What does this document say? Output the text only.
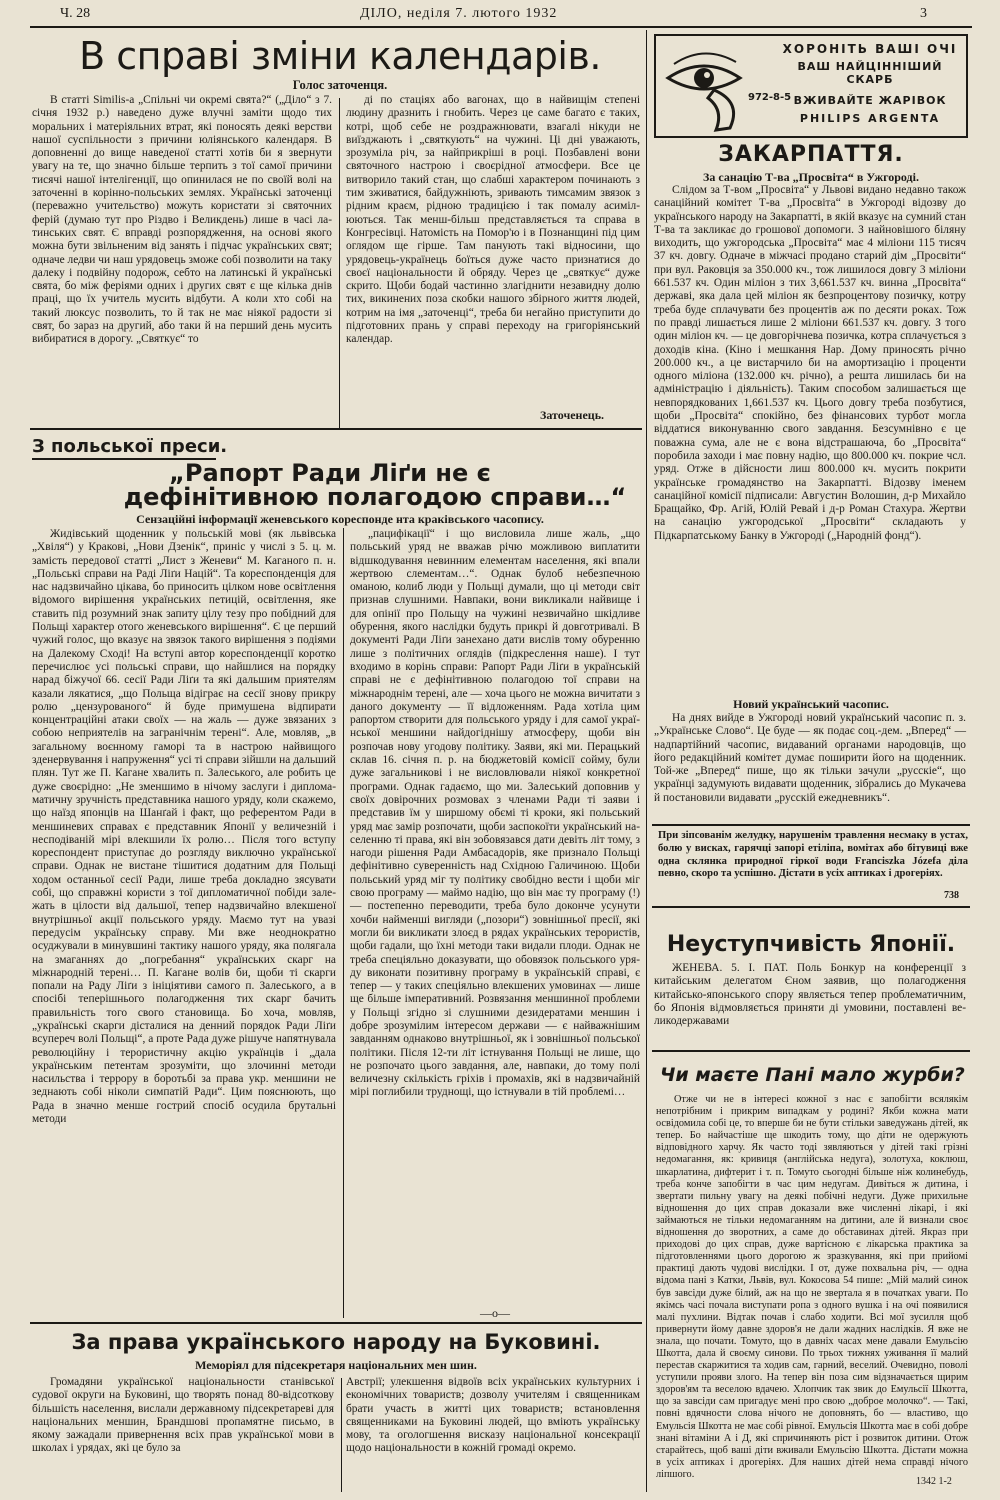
Ч. 28	ДІЛО, неділя 7. лютого 1932	3
В справі зміни календарів.
Голос заточенця.
В статті Similis-а „Спільні чи окремі свята?“ („Діло“ з 7. січня 1932 р.) наведено дуже влучні заміти щодо тих моральних і матеріяльних втрат, які поносять деякі верстви нашої суспільности з причини юліянського календаря. В доповненні до вище наведеної статті хотів би я звернути увагу на те, що значно більше терпить з тої самої причини тисячі нашої інтелігенції, що опинилася не по своїй волі на заточенні в корінно-польських землях. Українські заточенці (переважно учительство) можуть користати зі святочних ферій (думаю тут про Різдво і Великдень) лише в часі латинських свят. Є вправді розпорядження, на основі якого можна бути звільненим від занять і підчас українських свят; одначе ледви чи наш урядовець зможе собі позволити на таку далеку і подвійну подорож, себто на латинські й українські свята, бо між феріями одних і других свят є ще кілька днів праці, що їх учитель мусить відбути. А коли хто собі на такий люксус позволить, то й так не має ніякої радости зі свят, бо зараз на другий, або таки й на перший день мусить вибиратися в дорогу. „Святкує“ то
ді по стаціях або вагонах, що в найвищім степені людину дразнить і гнобить. Через це саме багато є таких, котрі, щоб себе не роздражнювати, взагалі нікуди не виїзджають і „святкують“ на чужині. Ці дні уважають, зрозуміла річ, за найприкріші в році. Позбавлені вони святочного настрою і своєрідної атмосфери. Все це витворило такий стан, що слабші характером починають з тим зживатися, байдужніють, зривають тимсамим звязок з рідним краєм, рідною традицією і так помалу асимілюються. Так менш-більш представляється та справа в Конгресівці. Натомість на Помор'ю і в Познанщині під цим оглядом ще гірше. Там панують такі відносини, що урядовець-українець боїться дуже часто признатися до своєї національности й обряду. Через це „святкує“ дуже скрито. Щоби бодай частинно злагіднити незавидну долю тих, викинених поза скобки нашого збірного життя людей, котрим на імя „заточенці“, треба би негайно приступити до підготовних прань у справі переходу на григоріянський календар.
Заточенець.
З польської преси.
„Рапорт Ради Ліґи не є
дефінітивною полагодою справи…“
Сензаційні інформації женевського кореспонде нта краківського часопису.
Жидівський щоденник у польській мові (як львівська „Хвіля“) у Кракові, „Нови Дзенік“, приніс у числі з 5. ц. м. замість передової статті „Лист з Женеви“ М. Каганого п. н. „Польські справи на Раді Ліґи Націй“. Та кореспонденція для нас надзвичайно цікава, бо приносить цілком нове освітлення відомого вирішення українських петицій, освітлення, яке ставить під розумний знак запиту цілу тезу про побідний для Польщі характер отого женевського вирішення“. Є це перший чужий голос, що вказує на звязок такого вирішення з подіями на Далекому Сході! На вступі автор кореспонденції коротко перечислює усі польські справи, що найшлися на порядку нарад біжучої 66. сесії Ради Ліґи та які дальшим приятелям казали лякатися, „що Польща відіграє на сесії знову прикру ролю „цензурованого“ й буде примушена відпирати концентраційні атаки своїх — на жаль — дуже звязаних з собою неприятелів на загранічнім терені“. Але, мовляв, „в загальному воєнному гаморі та в настрою найвищого зденервування і напруження“ усі ті справи зійшли на дальший плян. Тут же П. Кагане хвалить п. Залеського, але робить це дуже своєрідно: „Не зменшимо в нічому заслуги і дипломаматичну зручність представника нашого уряду, коли скажемо, що наїзд японців на Шанґай і факт, що референтом Ради в меншиневих справах є представник Японії у величезній і несподіваній мірі влекшили їх ролю… Після того вступу кореспондент приступає до розгляду виключно української справи. Однак не вистане тішитися додатним для Польщі ходом останньої сесії Ради, лише треба докладно зясувати собі, що справжні користи з тої дипломатичної побіди залежать в цілости від дальшої, тепер надзвичайно влекшеної внутрішньої акції польського уряду. Маємо тут на увазі передусім українську справу. Ми вже неоднократно осуджували в минувшині тактику нашого уряду, яка полягала на змаганнях до „погребання“ українських скарг на міжнародній терені… П. Кагане волів би, щоби ті скарги попали на Раду Ліґи з ініціятиви самого п. Залеського, а в спосібі теперішнього полагодження тих скарг бачить правильність того свого становища. Бо хоча, мовляв, „українські скарги дісталися на денний порядок Ради Ліґи всупереч волі Польщі“, а проте Рада дуже рішуче напятнувала революційну і терористичну акцію українців і „дала українським петентам зрозуміти, що злочинні методи насильства і террору в боротьбі за права укр. меншини не зеднають собі ніколи симпатій Ради“. Цим пояснюють, що Рада в значно менше гострий спосіб осудила брутальні методи
„пацифікації“ і що висловила лише жаль, „що польський уряд не вважав річю можливою виплатити відшкодування невинним елементам населення, які впали жертвою слементам…“. Однак булоб небезпечною оманою, колиб люди у Польщі думали, що ці методи світ признав слушними. Навпаки, вони викликали найвище і для опінії про Польщу на чужині незвичайно шкідливе обурення, якого наслідки будуть прикрі й довготривалі. В документі Ради Ліґи занехано дати вислів тому обуренню лише з політичних оглядів (підкреслення наше). І тут входимо в корінь справи: Рапорт Ради Ліґи в українській справі не є дефінітивною полагодою тої справи на міжнароднім терені, але — хоча цього не можна вичитати з даного документу — її відложенням. Рада хотіла цим рапортом створити для польського уряду і для самої української меншини найдогіднішу атмосферу, щоби він розпочав нову угодову політику. Заяви, які ми. Перацький склав 16. січня п. р. на бюджетовій комісії сойму, були дуже загальникові і не висловлювали ніякої конкретної програми. Однак гадаємо, що ми. Залеський доповнив у своїх довірочних розмовах з членами Ради ті заяви і представив їм у ширшому обємі ті кроки, які польський уряд має замір розпочати, щоби заспокоїти український населенню ті права, які він зобовязався дати девіть літ тому, з нагоди рішення Ради Амбасадорів, яке признало Польщі дефінітивно суверенність над Східною Галичиною. Щоби польський уряд міг ту політику свобідно вести і щоби міг свою програму — маймо надію, що він має ту програму (!) — постепенно переводити, треба було доконче усунути хочби найменші вигляди („позори“) зовнішньої пресії, які могли би викликати злоєд в рядах українських терористів, щоби гадали, що їхні методи таки видали плоди. Однак не треба спеціяльно доказувати, що обовязок польського уряду виконати позитивну програму в українській справі, є тепер — у таких спеціяльно влекшених умовинах — лише ще більше імперативний. Розвязання меншинної проблеми у Польщі згідно зі слушними дезидератами меншин і добре зрозумілим інтересом держави — є найважнішим завданням однаково внутрішньої, як і зовнішньої польської політики. Після 12-ти літ істнування Польщі не лише, що не розпочато цього завдання, але, навпаки, до тому полі величезну скількість гріхів і промахів, які в надзвичайній мірі поглибили труднощі, що істнували в тій проблемі…
—o—
За права українського народу на Буковині.
Меморіял для підсекретаря національних мен шин.
Громадяни української національности станівської судової округи на Буковині, що творять понад 80-відсоткову більшість населення, вислали державному підсекретареві для національних меншин, Брандшові пропамятне письмо, в якому зажадали привернення всіх прав української мови в школах і урядах, які це було за
Австрії; улекшення відвоїв всіх українських культурних і економічних товариств; дозволу учителям і священникам брати участь в житті цих товариств; встановлення священниками на Буковині людей, що вміють українську мову, та огологшення висказу національної консекрації щодо національности в кожній громаді окремо.
ХОРОНІТЬ ВАШІ ОЧІ
ВАШ НАЙЦІННІШИЙ СКАРБ
972-8-5 ВЖИВАЙТЕ ЖАРІВОК
PHILIPS ARGENTA
ЗАКАРПАТТЯ.
За санацію Т-ва „Просвіта“ в Ужгороді.
Слідом за Т-вом „Просвіта“ у Львові видано недавно також санаційний комітет Т-ва „Просвіта“ в Ужгороді відозву до українського народу на Закарпатті, в якій вказує на сумний стан Т-ва та закликає до грошової допомоги. З найновішого біляну виходить, що ужгородська „Просвіта“ має 4 міліони 115 тисяч 37 кч. довгу. Одначе в міжчасі продано старий дім „Просвіти“ при вул. Раковція за 350.000 кч., тож лишилося довгу 3 міліони 661.537 кч. Один міліон з тих 3,661.537 кч. винна „Просвіта“ державі, яка дала цей міліон як безпроцентову позичку, котру треба буде сплачувати без процентів аж по десяти роках. Тож по правді лишається лише 2 міліони 661.537 кч. довгу. З того один міліон кч. — це довгорічнева позичка, котра сплачується з доходів кіна. (Кіно і мешкання Нар. Дому приносять річно 200.000 кч., а це вистарчило би на амортизацію і проценти одного міліона (132.000 кч. річно), а решта лишилась би на адміністрацію і діяльність). Таким способом залишається ще невпорядкованих 1,661.537 кч. Цього довгу треба позбутися, щоби „Просвіта“ спокійно, без фінансових турбот могла віддатися виконуванню свого завдання. Безсумнівно є це поважна сума, але не є вона відстрашаюча, бо „Просвіта“ поробила заходи і має повну надію, що 800.000 кч. покрие чсл. уряд. Отже в дійсности лиш 800.000 кч. мусить покрити українське громадянство на Закарпатті. Відозву іменем санаційної комісії підписали: Августин Волошин, д-р Михайло Бращайко, Фр. Агій, Юлій Ревай і д-р Роман Стахура. Жертви на санацію ужгородської „Просвіти“ складають у Підкарпатському Банку в Ужгороді („Народній фонд“).
Новий український часопис.
На днях вийде в Ужгороді новий український часопис п. з. „Українське Слово“. Це буде — як подає соц.-дем. „Вперед“ — надпартійний часопис, видаваний органами народовців, що його редакційний комітет думає поширити його на щоденник. Той-же „Вперед“ пише, що як тільки зачули „русскіе“, що українці задумують видавати щоденник, зібрались до Мукачева й постановили видавати „русскій ежедневникъ“.
При зіпсованім желудку, нарушенім травлення несмаку в устах, болю у висках, гарячці запорі етіліпа, вомітах або бітувиці вже одна склянка природної гіркої води Franciszka Józefa діла певно, скоро та успішно. Дістати в усіх аптиках і дрогеріях.
738
Неуступчивість Японії.
ЖЕНЕВА. 5. І. ПАТ. Поль Бонкур на конференції з китайським делегатом Єном заявив, що полагодження китайсько-японського спору являється тепер проблематичним, бо Японія відмовляється приняти ді умовини, поставлені великодержавами
Чи маєте Пані мало журби?
Отже чи не в інтересі кожної з нас є запобігти всялякім непотрібним і прикрим випадкам у родині? Якби кожна мати освідомила собі це, то вперше би не бути стільки заведужань дітей, як тепер. Бо найчастіше ще шкодить тому, що діти не одержують відповідного харчу. Як часто тоді зявляються у дітей такі грізні недомагання, як: кривиця (англійська недуга), золотуха, коклюш, шкарлатина, дифтерит і т. п. Томуто сьогодні більше ніж колинебудь, треба конче запобігти в час цим недугам. Дивіться ж дитина, і звертати пильну увагу на деякі побічні недуги. Дуже прихильне відношення до цих справ доказали вже численні лікарі, і які займаються не тільки недомаганням на дитини, але й визнали своє відношення до зворотних, а саме до обставинах дітей. Якраз при приходові до цих справ, дуже вартісною є лікарська практика за підготовленнями цього дорогою ж зразкування, які при прийомі практиці дають чудові вислідки. І от, дуже похвальна річ, — одна відома пані з Катки, Львів, вул. Кокосова 54 пише: „Мій малий синок був завсіди дуже білий, аж на що не звертала я в початках уваги. По якімсь часі почала виступати ропа з одного вушка і на очі появилися малі пухлини. Відтак почав і слабо ходити. Всі мої зусилля щоб привернути йому давне здоров'я не дали жадних наслідків. Я вже не знала, що почати. Томуто, що в давніх часах мене давали Емульсію Шкотта, дала й своєму синови. По трьох тижнях уживання її малий перестав скаржитися та ходив сам, гарний, веселий. Очевидно, поволі уступили прояви злого. На тепер він поза сим відзначається щирим здоров'ям та веселою вдачею. Хлопчик так звик до Емульсії Шкотта, що за завсіди сам пригадує мені про свою „доброе молочко“. — Такі, повні вдячности слова нічого не доповнять, бо — властиво, що Емульсія Шкотта не має собі рівної. Емульсія Шкотта має в собі добре знані вітаміни А і Д, які спричиняють ріст і розвиток дитини. Отож старайтесь, щоб ваші діти вживали Емульсію Шкотта. Дістати можна в усіх аптиках і дрогеріях. Для наших дітей нема справді нічого ліпшого.
1342 1-2
